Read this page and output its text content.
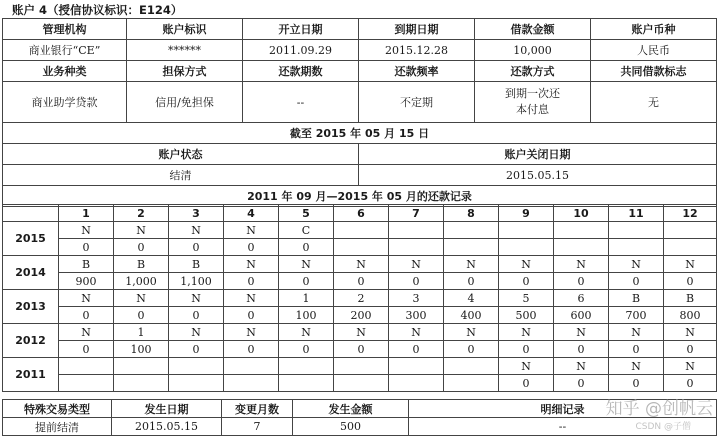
账户 4（授信协议标识：E124）
管理机构	账户标识	开立日期	到期日期	借款金额	账户币种
商业银行“CE”	******	2011.09.29	2015.12.28	10,000	人民币
业务种类	担保方式	还款期数	还款频率	还款方式	共同借款标志
商业助学贷款	信用/免担保	--	不定期	到期一次还本付息	无
截至 2015 年 05 月 15 日					
账户状态			账户关闭日期		
结清			2015.05.15		
2011 年 09 月—2015 年 05 月的还款记录					
	1	2	3	4	5	6	7	8	9	10	11	12
2015	N	N	N	N	C							
	0	0	0	0	0							
2014	B	B	B	N	N	N	N	N	N	N	N	N
	900	1,000	1,100	0	0	0	0	0	0	0	0	0
2013	N	N	N	N	1	2	3	4	5	6	B	B
	0	0	0	0	100	200	300	400	500	600	700	800
2012	N	1	N	N	N	N	N	N	N	N	N	N
	0	100	0	0	0	0	0	0	0	0	0	0
2011									N	N	N	N
									0	0	0	0
特殊交易类型	发生日期	变更月数	发生金额	明细记录
提前结清	2015.05.15	7	500	--
知乎 @创帆云
CSDN @子僧
